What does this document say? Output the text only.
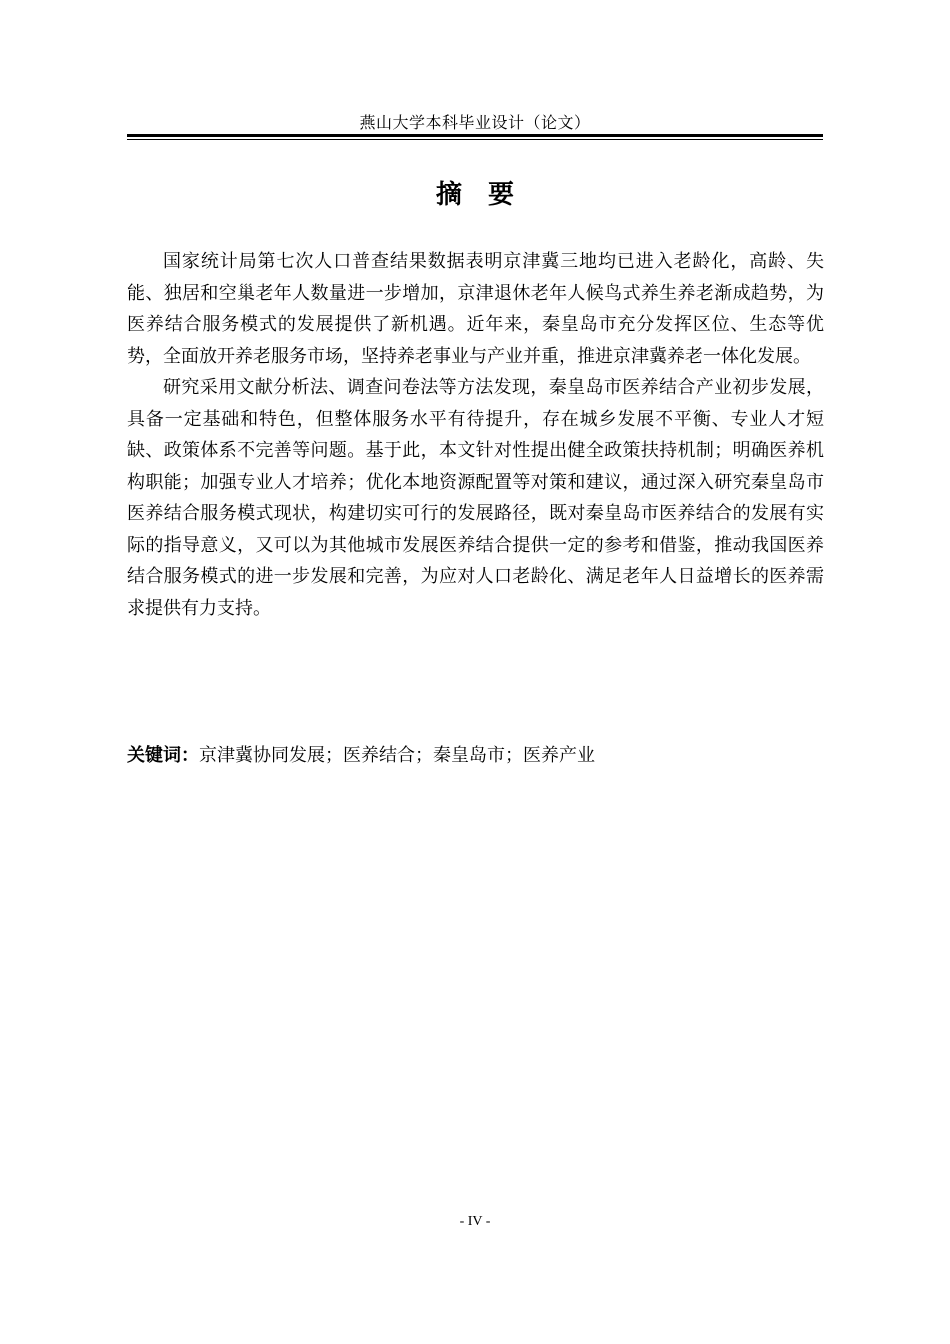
燕山大学本科毕业设计（论文）
摘要

国家统计局第七次人口普查结果数据表明京津冀三地均已进入老龄化，高龄、失能、独居和空巢老年人数量进一步增加，京津退休老年人候鸟式养生养老渐成趋势，为医养结合服务模式的发展提供了新机遇。近年来，秦皇岛市充分发挥区位、生态等优势，全面放开养老服务市场，坚持养老事业与产业并重，推进京津冀养老一体化发展。

研究采用文献分析法、调查问卷法等方法发现，秦皇岛市医养结合产业初步发展，具备一定基础和特色，但整体服务水平有待提升，存在城乡发展不平衡、专业人才短缺、政策体系不完善等问题。基于此，本文针对性提出健全政策扶持机制；明确医养机构职能；加强专业人才培养；优化本地资源配置等对策和建议，通过深入研究秦皇岛市医养结合服务模式现状，构建切实可行的发展路径，既对秦皇岛市医养结合的发展有实际的指导意义，又可以为其他城市发展医养结合提供一定的参考和借鉴，推动我国医养结合服务模式的进一步发展和完善，为应对人口老龄化、满足老年人日益增长的医养需求提供有力支持。

关键词：京津冀协同发展；医养结合；秦皇岛市；医养产业
- IV -
